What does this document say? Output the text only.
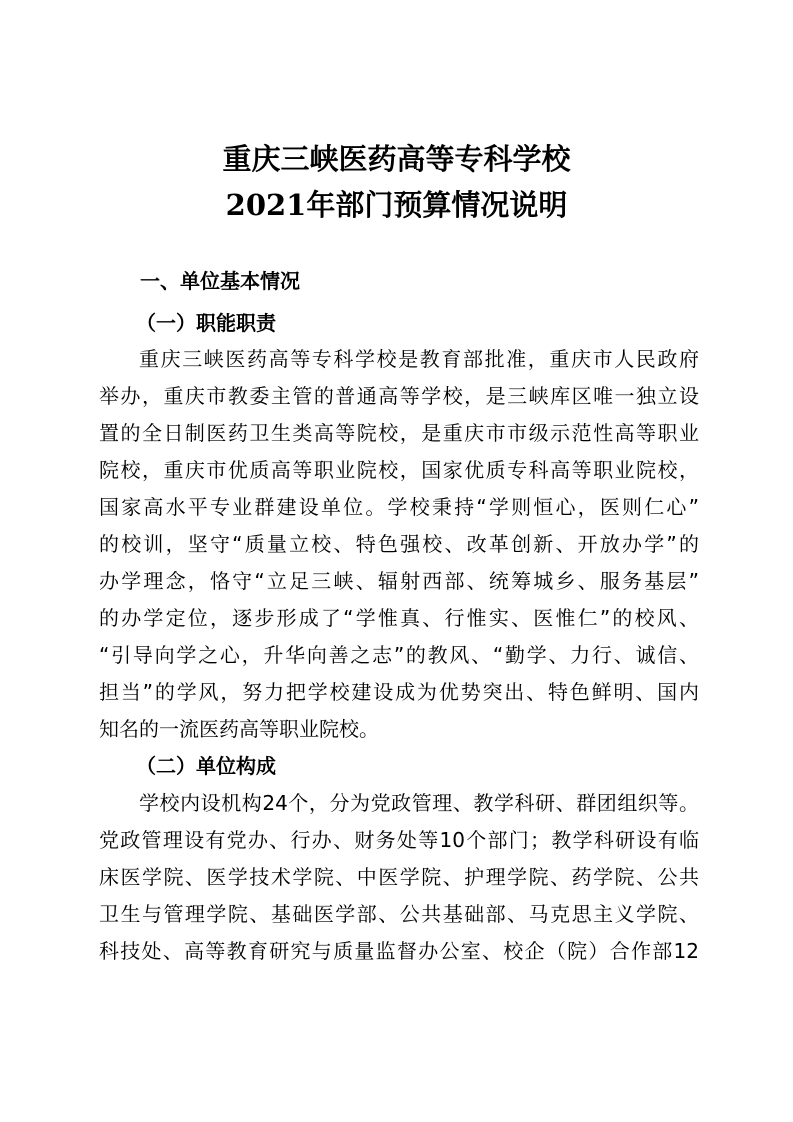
重庆三峡医药高等专科学校
2021年部门预算情况说明
一、单位基本情况
（一）职能职责

重庆三峡医药高等专科学校是教育部批准，重庆市人民政府

举办，重庆市教委主管的普通高等学校，是三峡库区唯一独立设

置的全日制医药卫生类高等院校，是重庆市市级示范性高等职业

院校，重庆市优质高等职业院校，国家优质专科高等职业院校，

国家高水平专业群建设单位。学校秉持“学则恒心，医则仁心”

的校训，坚守“质量立校、特色强校、改革创新、开放办学”的

办学理念，恪守“立足三峡、辐射西部、统筹城乡、服务基层”

的办学定位，逐步形成了“学惟真、行惟实、医惟仁”的校风、

“引导向学之心，升华向善之志”的教风、“勤学、力行、诚信、

担当”的学风，努力把学校建设成为优势突出、特色鲜明、国内

知名的一流医药高等职业院校。

（二）单位构成

学校内设机构24个，分为党政管理、教学科研、群团组织等。

党政管理设有党办、行办、财务处等10个部门；教学科研设有临

床医学院、医学技术学院、中医学院、护理学院、药学院、公共

卫生与管理学院、基础医学部、公共基础部、马克思主义学院、

科技处、高等教育研究与质量监督办公室、校企（院）合作部12
